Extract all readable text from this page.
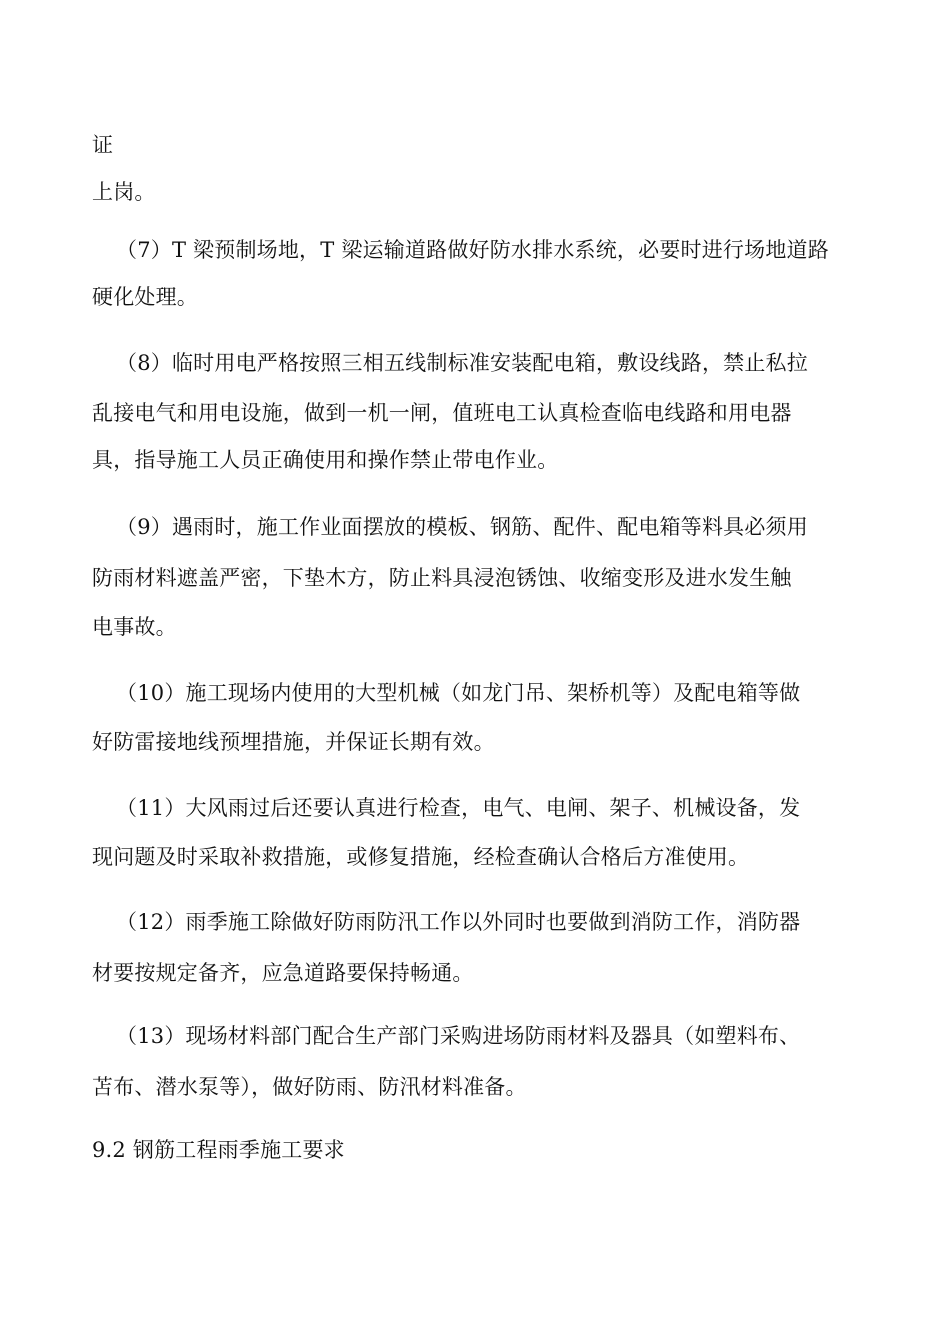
证

上岗。

（7）T 梁预制场地，T 梁运输道路做好防水排水系统，必要时进行场地道路

硬化处理。

（8）临时用电严格按照三相五线制标准安装配电箱，敷设线路，禁止私拉

乱接电气和用电设施，做到一机一闸，值班电工认真检查临电线路和用电器

具，指导施工人员正确使用和操作禁止带电作业。

（9）遇雨时，施工作业面摆放的模板、钢筋、配件、配电箱等料具必须用

防雨材料遮盖严密，下垫木方，防止料具浸泡锈蚀、收缩变形及进水发生触

电事故。

（10）施工现场内使用的大型机械（如龙门吊、架桥机等）及配电箱等做

好防雷接地线预埋措施，并保证长期有效。

（11）大风雨过后还要认真进行检查，电气、电闸、架子、机械设备，发

现问题及时采取补救措施，或修复措施，经检查确认合格后方准使用。

（12）雨季施工除做好防雨防汛工作以外同时也要做到消防工作，消防器

材要按规定备齐，应急道路要保持畅通。

（13）现场材料部门配合生产部门采购进场防雨材料及器具（如塑料布、

苫布、潜水泵等），做好防雨、防汛材料准备。

9.2 钢筋工程雨季施工要求
